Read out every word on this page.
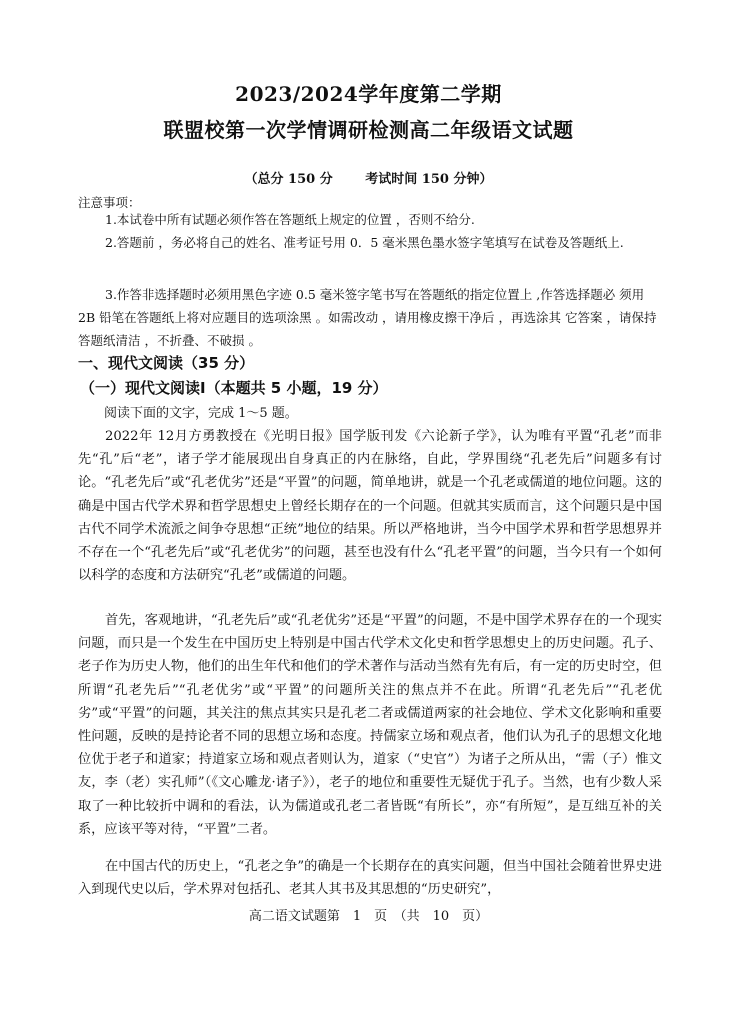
2023/2024学年度第二学期
联盟校第一次学情调研检测高二年级语文试题
（总分 150 分	考试时间 150 分钟）
注意事项：
1.本试卷中所有试题必须作答在答题纸上规定的位置 ，否则不给分.
2.答题前 ，务必将自己的姓名、准考证号用 0．5 毫米黑色墨水签字笔填写在试卷及答题纸上.
3.作答非选择题时必须用黑色字迹 0.5 毫米签字笔书写在答题纸的指定位置上 ,作答选择题必 须用 2B 铅笔在答题纸上将对应题目的选项涂黑 。如需改动 ，请用橡皮擦干净后 ，再选涂其 它答案 ，请保持答题纸清洁 ，不折叠、不破损 。
一、现代文阅读（35 分）
（一）现代文阅读Ⅰ（本题共 5 小题，19 分）
阅读下面的文字，完成 1～5 题。
2022年 12月方勇教授在《光明日报》国学版刊发《六论新子学》，认为唯有平置“孔老”而非先“孔”后“老”，诸子学才能展现出自身真正的内在脉络，自此，学界围绕“孔老先后”问题多有讨论。“孔老先后”或“孔老优劣”还是“平置”的问题，简单地讲，就是一个孔老或儒道的地位问题。这的确是中国古代学术界和哲学思想史上曾经长期存在的一个问题。但就其实质而言，这个问题只是中国古代不同学术流派之间争夺思想“正统”地位的结果。所以严格地讲，当今中国学术界和哲学思想界并不存在一个“孔老先后”或“孔老优劣”的问题，甚至也没有什么“孔老平置”的问题，当今只有一个如何以科学的态度和方法研究“孔老”或儒道的问题。
首先，客观地讲，“孔老先后”或“孔老优劣”还是“平置”的问题，不是中国学术界存在的一个现实问题，而只是一个发生在中国历史上特别是中国古代学术文化史和哲学思想史上的历史问题。孔子、老子作为历史人物，他们的出生年代和他们的学术著作与活动当然有先有后，有一定的历史时空，但所谓“孔老先后”“孔老优劣”或“平置”的问题所关注的焦点并不在此。所谓“孔老先后”“孔老优劣”或“平置”的问题，其关注的焦点其实只是孔老二者或儒道两家的社会地位、学术文化影响和重要性问题，反映的是持论者不同的思想立场和态度。持儒家立场和观点者，他们认为孔子的思想文化地位优于老子和道家；持道家立场和观点者则认为，道家（“史官”）为诸子之所从出，“需（子）惟文友，李（老）实孔师”（《文心雕龙·诸子》），老子的地位和重要性无疑优于孔子。当然，也有少数人采取了一种比较折中调和的看法，认为儒道或孔老二者皆既“有所长”，亦“有所短”，是互绌互补的关系，应该平等对待，“平置”二者。
在中国古代的历史上，“孔老之争”的确是一个长期存在的真实问题，但当中国社会随着世界史进入到现代史以后，学术界对包括孔、老其人其书及其思想的“历史研究”，
高二语文试题第　1　页　（共　10　页）
